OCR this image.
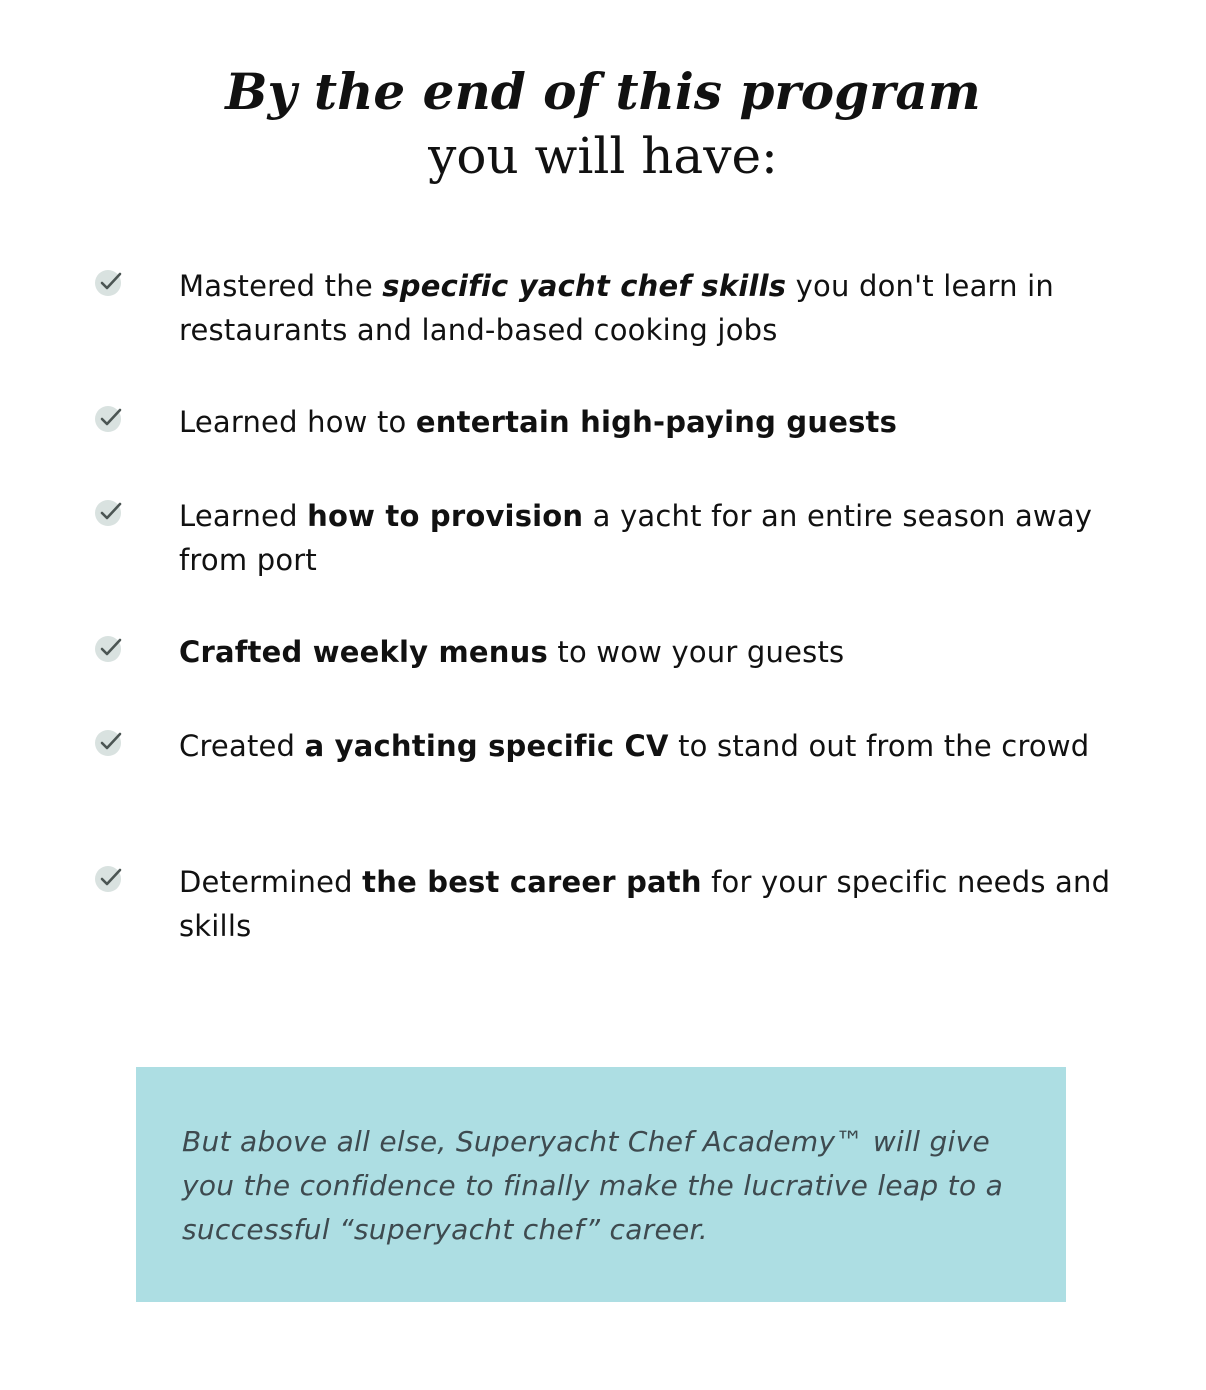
By the end of this program
you will have:
Mastered the specific yacht chef skills you don't learn in restaurants and land-based cooking jobs
Learned how to entertain high-paying guests
Learned how to provision a yacht for an entire season away from port
Crafted weekly menus to wow your guests
Created a yachting specific CV to stand out from the crowd
Determined the best career path for your specific needs and skills

But above all else, Superyacht Chef Academy™ will give you the confidence to finally make the lucrative leap to a successful “superyacht chef” career.
